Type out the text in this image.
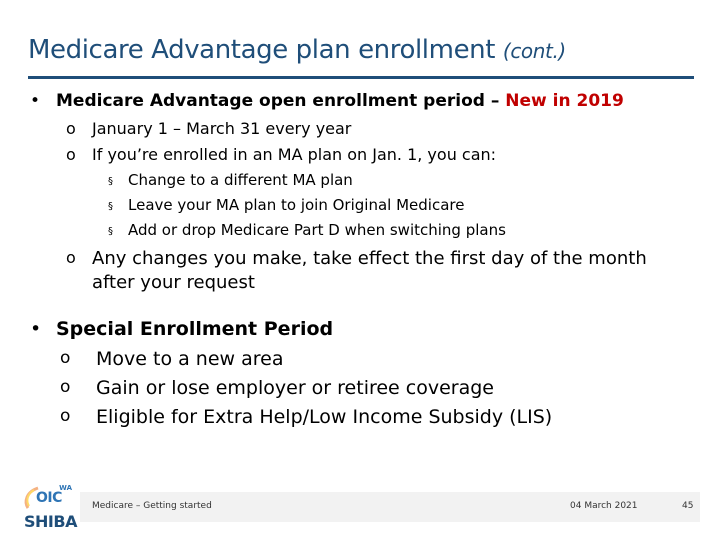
Medicare Advantage plan enrollment (cont.)
• Medicare Advantage open enrollment period – New in 2019
o January 1 – March 31 every year
o If you’re enrolled in an MA plan on Jan. 1, you can:
§ Change to a different MA plan
§ Leave your MA plan to join Original Medicare
§ Add or drop Medicare Part D when switching plans
o Any changes you make, take effect the first day of the month
after your request
• Special Enrollment Period
o Move to a new area
o Gain or lose employer or retiree coverage
o Eligible for Extra Help/Low Income Subsidy (LIS)
WA
OIC
SHIBA
Medicare – Getting started	04 March 2021	45
